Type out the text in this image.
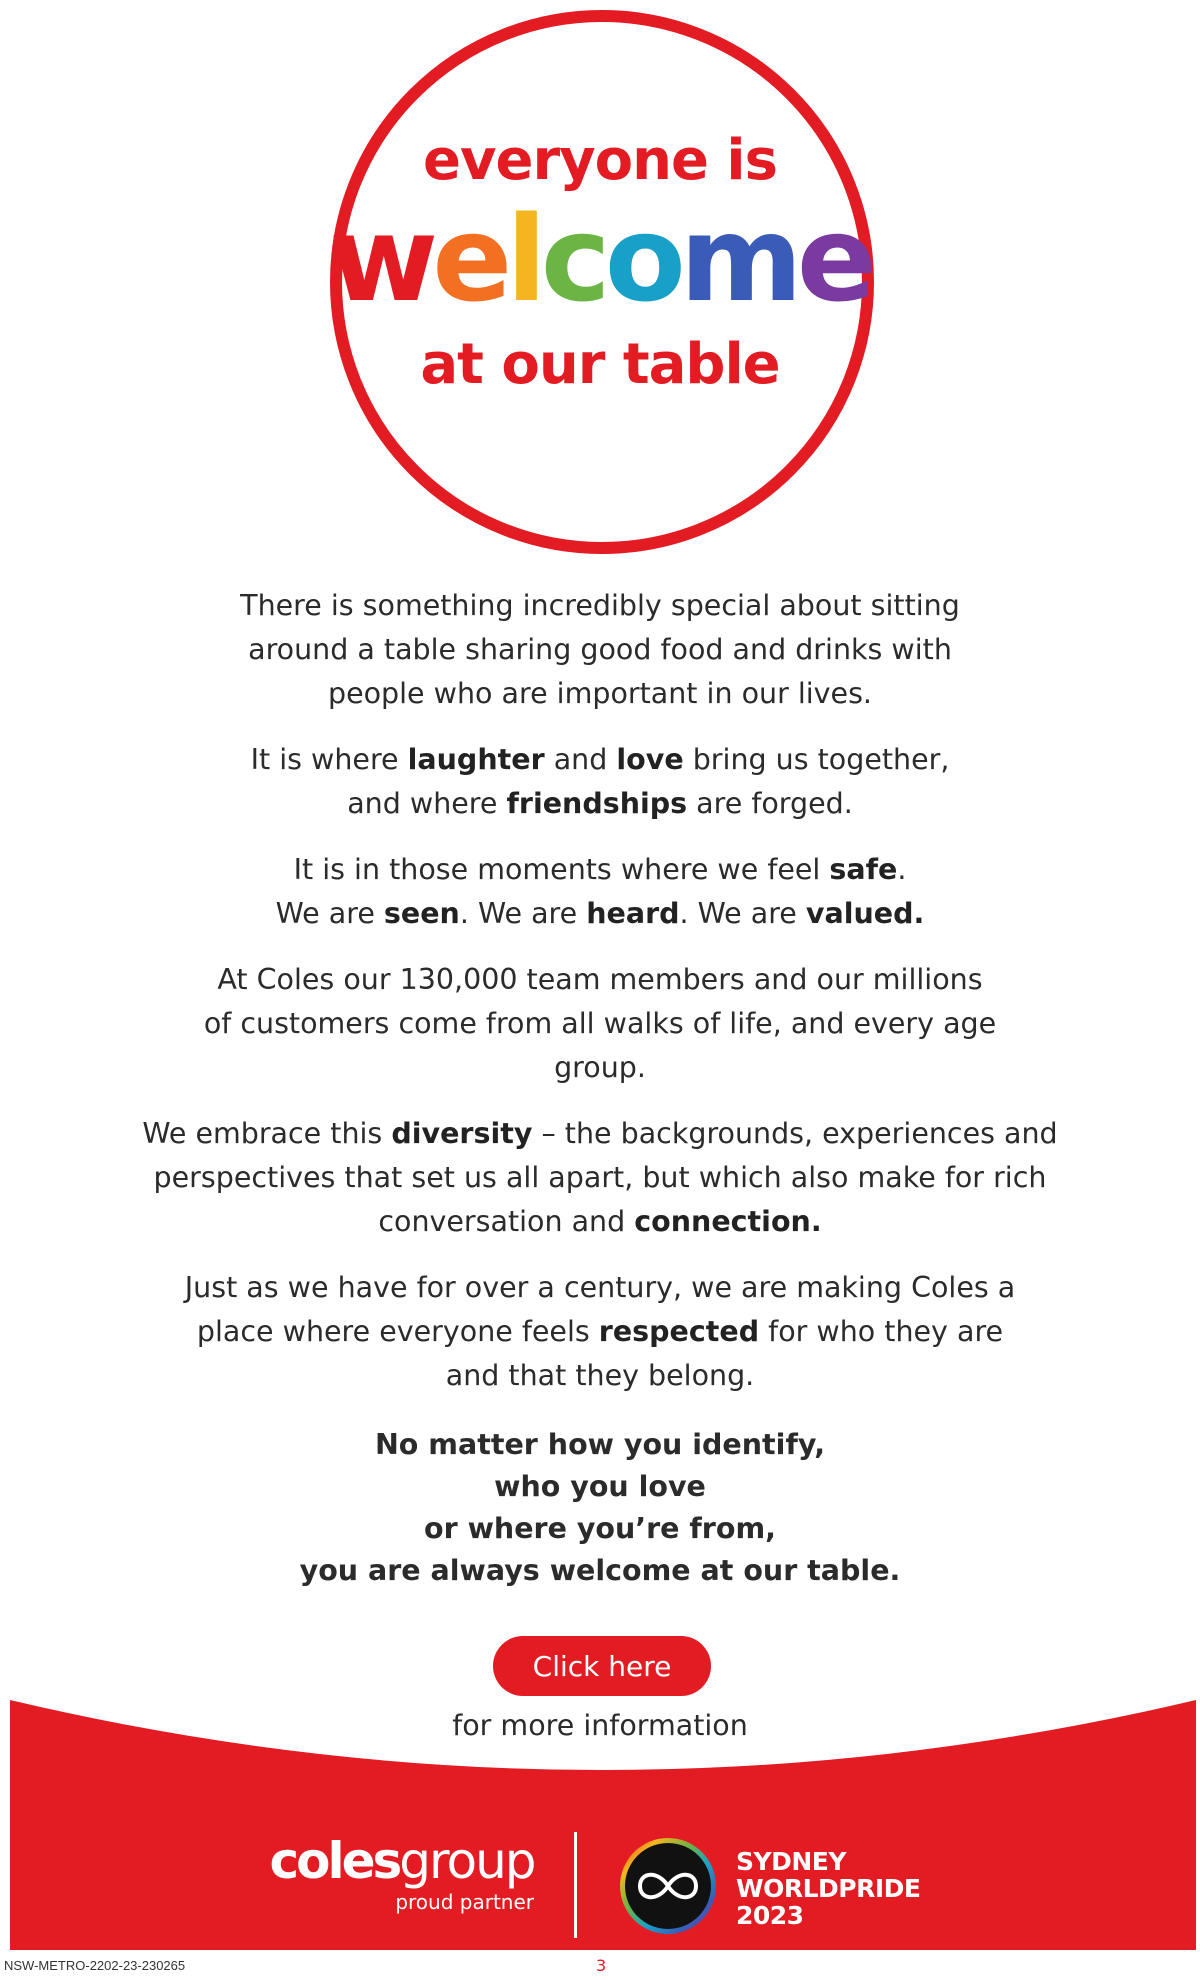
everyone is

welcome

at our table

There is something incredibly special about sitting around a table sharing good food and drinks with people who are important in our lives.

It is where laughter and love bring us together,
and where friendships are forged.

It is in those moments where we feel safe.
We are seen. We are heard. We are valued.

At Coles our 130,000 team members and our millions of customers come from all walks of life, and every age group.

We embrace this diversity – the backgrounds, experiences and perspectives that set us all apart, but which also make for rich conversation and connection.

Just as we have for over a century, we are making Coles a place where everyone feels respected for who they are and that they belong.

No matter how you identify,
who you love
or where you’re from,
you are always welcome at our table.

Click here
for more information
colesgroup
proud partner
SYDNEY
WORLDPRIDE
2023
NSW-METRO-2202-23-230265	3
